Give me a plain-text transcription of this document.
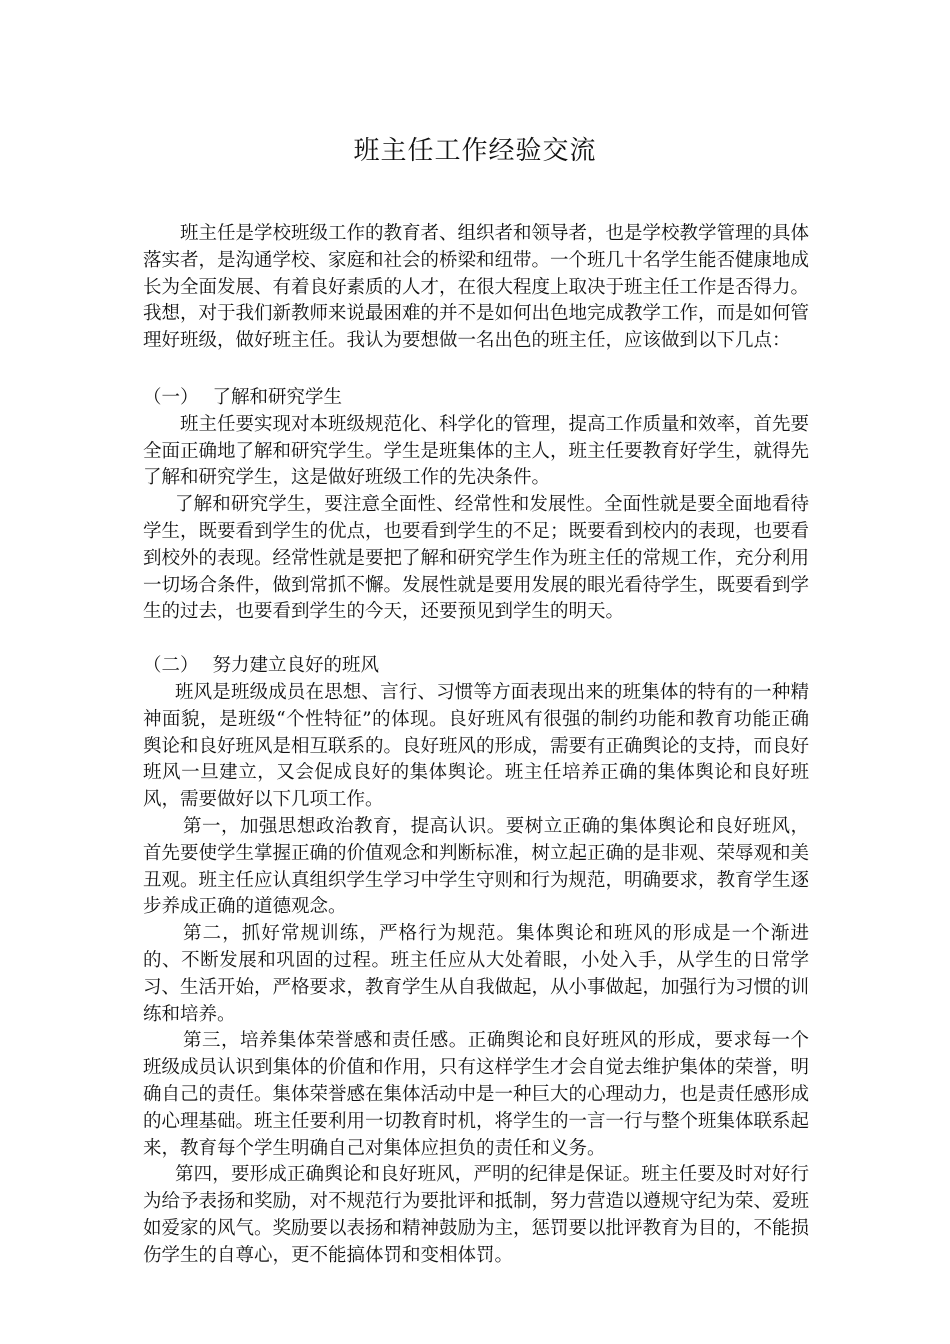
班主任工作经验交流

班主任是学校班级工作的教育者、组织者和领导者，也是学校教学管理的具体落实者，是沟通学校、家庭和社会的桥梁和纽带。一个班几十名学生能否健康地成长为全面发展、有着良好素质的人才，在很大程度上取决于班主任工作是否得力。我想，对于我们新教师来说最困难的并不是如何出色地完成教学工作，而是如何管理好班级，做好班主任。我认为要想做一名出色的班主任，应该做到以下几点：

（一） 了解和研究学生

班主任要实现对本班级规范化、科学化的管理，提高工作质量和效率，首先要全面正确地了解和研究学生。学生是班集体的主人，班主任要教育好学生，就得先了解和研究学生，这是做好班级工作的先决条件。

了解和研究学生，要注意全面性、经常性和发展性。全面性就是要全面地看待学生，既要看到学生的优点，也要看到学生的不足；既要看到校内的表现，也要看到校外的表现。经常性就是要把了解和研究学生作为班主任的常规工作，充分利用一切场合条件，做到常抓不懈。发展性就是要用发展的眼光看待学生，既要看到学生的过去，也要看到学生的今天，还要预见到学生的明天。

（二） 努力建立良好的班风

班风是班级成员在思想、言行、习惯等方面表现出来的班集体的特有的一种精神面貌，是班级“个性特征”的体现。良好班风有很强的制约功能和教育功能正确舆论和良好班风是相互联系的。良好班风的形成，需要有正确舆论的支持，而良好班风一旦建立，又会促成良好的集体舆论。班主任培养正确的集体舆论和良好班风，需要做好以下几项工作。

第一，加强思想政治教育，提高认识。要树立正确的集体舆论和良好班风，首先要使学生掌握正确的价值观念和判断标准，树立起正确的是非观、荣辱观和美丑观。班主任应认真组织学生学习中学生守则和行为规范，明确要求，教育学生逐步养成正确的道德观念。

第二，抓好常规训练，严格行为规范。集体舆论和班风的形成是一个渐进的、不断发展和巩固的过程。班主任应从大处着眼，小处入手，从学生的日常学习、生活开始，严格要求，教育学生从自我做起，从小事做起，加强行为习惯的训练和培养。

第三，培养集体荣誉感和责任感。正确舆论和良好班风的形成，要求每一个班级成员认识到集体的价值和作用，只有这样学生才会自觉去维护集体的荣誉，明确自己的责任。集体荣誉感在集体活动中是一种巨大的心理动力，也是责任感形成的心理基础。班主任要利用一切教育时机，将学生的一言一行与整个班集体联系起来，教育每个学生明确自己对集体应担负的责任和义务。

第四，要形成正确舆论和良好班风，严明的纪律是保证。班主任要及时对好行为给予表扬和奖励，对不规范行为要批评和抵制，努力营造以遵规守纪为荣、爱班如爱家的风气。奖励要以表扬和精神鼓励为主，惩罚要以批评教育为目的，不能损伤学生的自尊心，更不能搞体罚和变相体罚。
